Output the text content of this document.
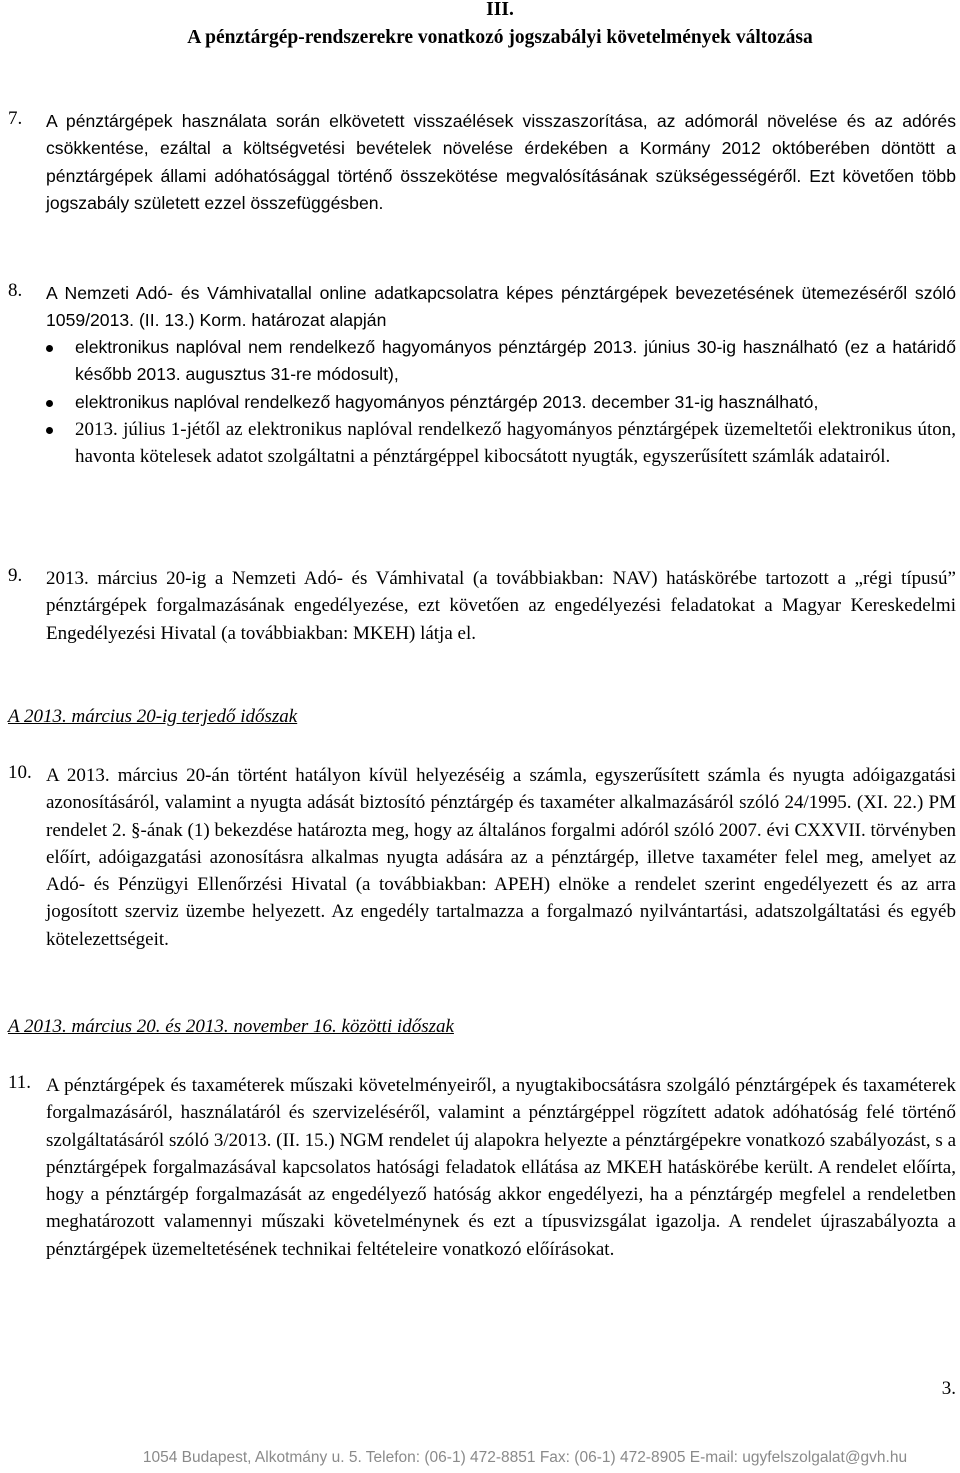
III.
A pénztárgép-rendszerekre vonatkozó jogszabályi követelmények változása
7. A pénztárgépek használata során elkövetett visszaélések visszaszorítása, az adómorál növelése és az adórés csökkentése, ezáltal a költségvetési bevételek növelése érdekében a Kormány 2012 októberében döntött a pénztárgépek állami adóhatósággal történő összekötése megvalósításának szükségességéről. Ezt követően több jogszabály született ezzel összefüggésben.

8. A Nemzeti Adó- és Vámhivatallal online adatkapcsolatra képes pénztárgépek bevezetésének ütemezéséről szóló 1059/2013. (II. 13.) Korm. határozat alapján

elektronikus naplóval nem rendelkező hagyományos pénztárgép 2013. június 30-ig használható (ez a határidő később 2013. augusztus 31-re módosult),
elektronikus naplóval rendelkező hagyományos pénztárgép 2013. december 31-ig használható,
2013. július 1-jétől az elektronikus naplóval rendelkező hagyományos pénztárgépek üzemeltetői elektronikus úton, havonta kötelesek adatot szolgáltatni a pénztárgéppel kibocsátott nyugták, egyszerűsített számlák adatairól.
9. 2013. március 20-ig a Nemzeti Adó- és Vámhivatal (a továbbiakban: NAV) hatáskörébe tartozott a „régi típusú” pénztárgépek forgalmazásának engedélyezése, ezt követően az engedélyezési feladatokat a Magyar Kereskedelmi Engedélyezési Hivatal (a továbbiakban: MKEH) látja el.

A 2013. március 20-ig terjedő időszak
10. A 2013. március 20-án történt hatályon kívül helyezéséig a számla, egyszerűsített számla és nyugta adóigazgatási azonosításáról, valamint a nyugta adását biztosító pénztárgép és taxaméter alkalmazásáról szóló 24/1995. (XI. 22.) PM rendelet 2. §-ának (1) bekezdése határozta meg, hogy az általános forgalmi adóról szóló 2007. évi CXXVII. törvényben előírt, adóigazgatási azonosításra alkalmas nyugta adására az a pénztárgép, illetve taxaméter felel meg, amelyet az Adó- és Pénzügyi Ellenőrzési Hivatal (a továbbiakban: APEH) elnöke a rendelet szerint engedélyezett és az arra jogosított szerviz üzembe helyezett. Az engedély tartalmazza a forgalmazó nyilvántartási, adatszolgáltatási és egyéb kötelezettségeit.

A 2013. március 20. és 2013. november 16. közötti időszak
11. A pénztárgépek és taxaméterek műszaki követelményeiről, a nyugtakibocsátásra szolgáló pénztárgépek és taxaméterek forgalmazásáról, használatáról és szervizeléséről, valamint a pénztárgéppel rögzített adatok adóhatóság felé történő szolgáltatásáról szóló 3/2013. (II. 15.) NGM rendelet új alapokra helyezte a pénztárgépekre vonatkozó szabályozást, s a pénztárgépek forgalmazásával kapcsolatos hatósági feladatok ellátása az MKEH hatáskörébe került. A rendelet előírta, hogy a pénztárgép forgalmazását az engedélyező hatóság akkor engedélyezi, ha a pénztárgép megfelel a rendeletben meghatározott valamennyi műszaki követelménynek és ezt a típusvizsgálat igazolja. A rendelet újraszabályozta a pénztárgépek üzemeltetésének technikai feltételeire vonatkozó előírásokat.

3.
1054 Budapest, Alkotmány u. 5. Telefon: (06-1) 472-8851 Fax: (06-1) 472-8905 E-mail: ugyfelszolgalat@gvh.hu
